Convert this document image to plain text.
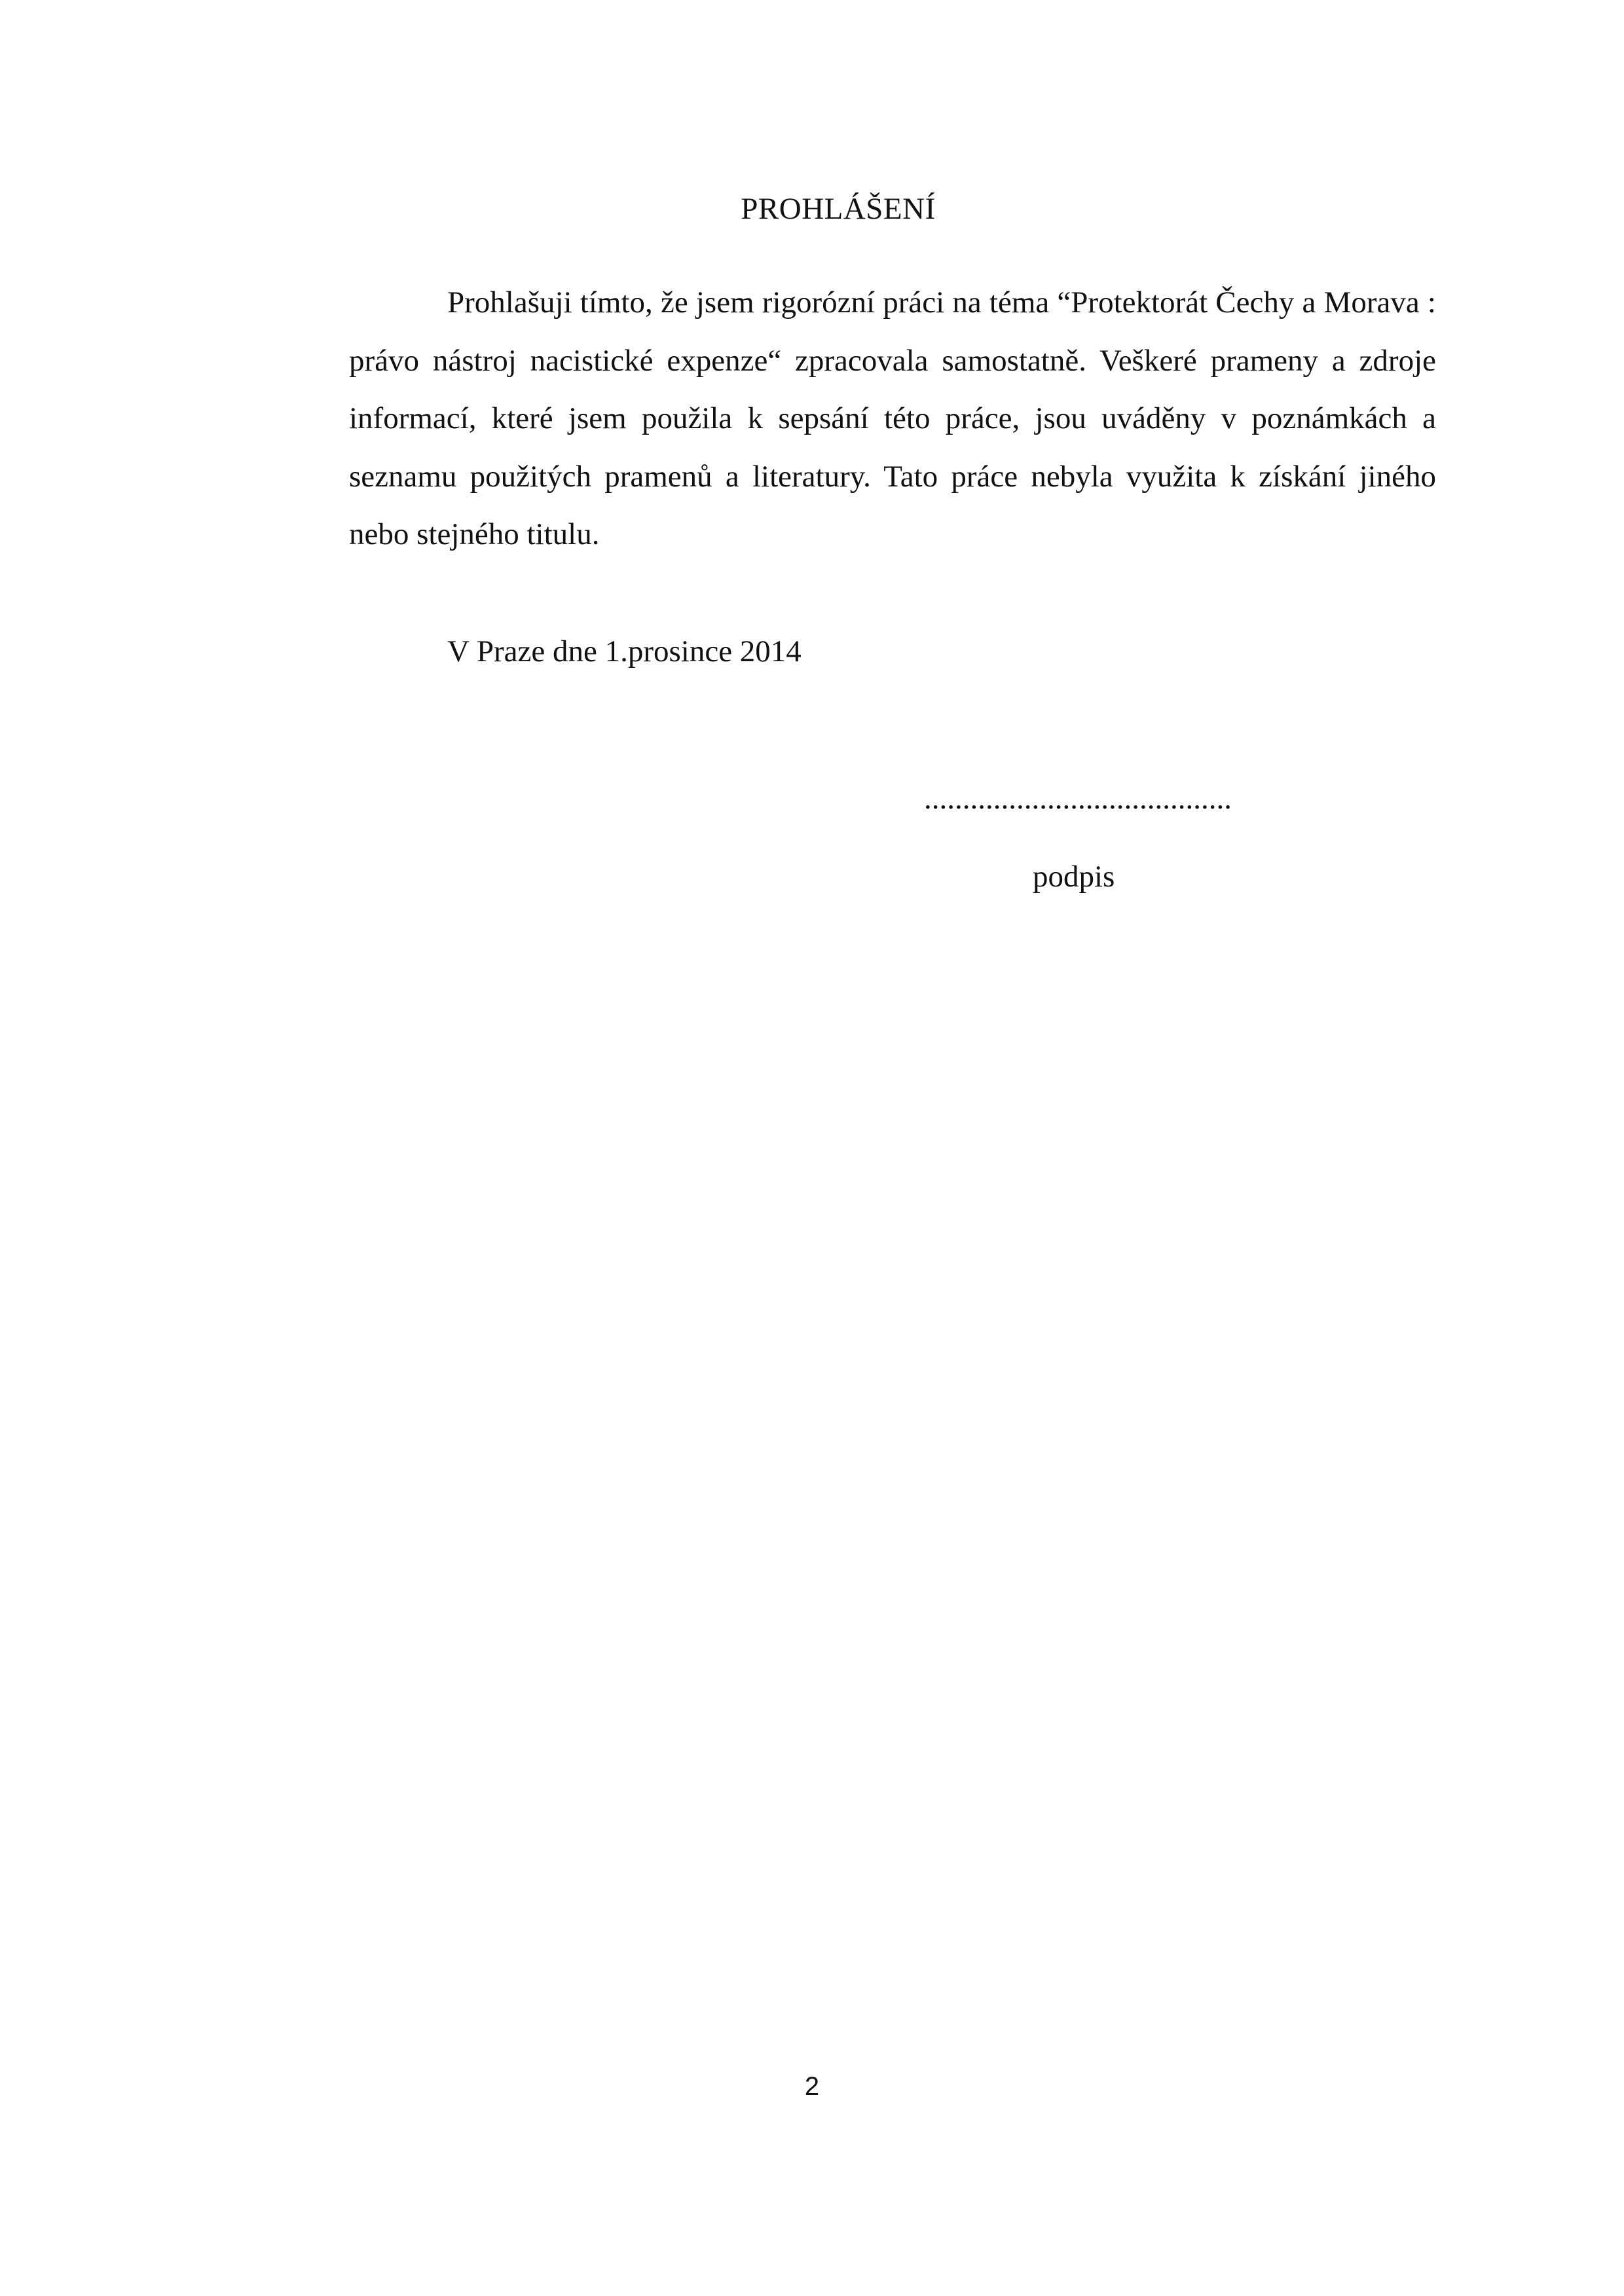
PROHLÁŠENÍ

Prohlašuji tímto, že jsem rigorózní práci na téma “Protektorát Čechy a Morava : právo nástroj nacistické expenze“ zpracovala samostatně. Veškeré prameny a zdroje informací, které jsem použila k sepsání této práce, jsou uváděny v poznámkách a seznamu použitých pramenů a literatury. Tato práce nebyla využita k získání jiného nebo stejného titulu.

V Praze dne 1.prosince 2014
........................................
podpis
2
